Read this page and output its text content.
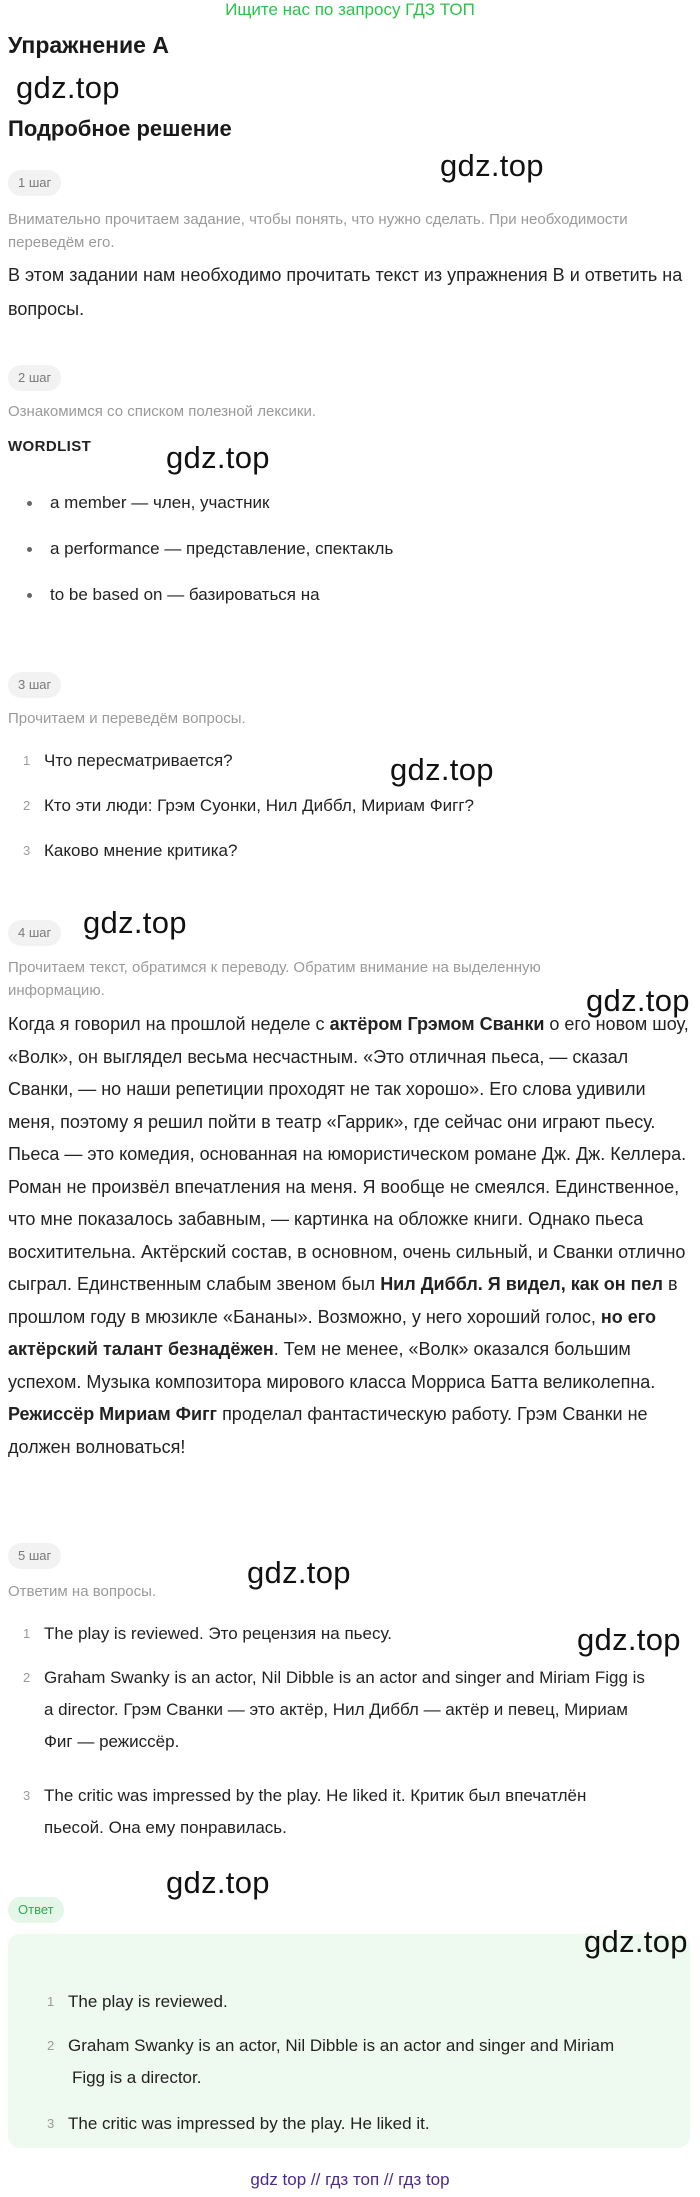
Ищите нас по запросу ГДЗ ТОП
Упражнение A
gdz.top
Подробное решение
gdz.top
1 шаг
Внимательно прочитаем задание, чтобы понять, что нужно сделать. При необходимости переведём его.
В этом задании нам необходимо прочитать текст из упражнения B и ответить на вопросы.
2 шаг
Ознакомимся со списком полезной лексики.
WORDLIST gdz.top
a member — член, участник
a performance — представление, спектакль
to be based on — базироваться на
3 шаг
Прочитаем и переведём вопросы.
1 Что пересматривается?	gdz.top
2 Кто эти люди: Грэм Суонки, Нил Диббл, Мириам Фигг?
3 Каково мнение критика?
gdz.top
4 шаг
Прочитаем текст, обратимся к переводу. Обратим внимание на выделенную информацию.	gdz.top
Когда я говорил на прошлой неделе с актёром Грэмом Сванки о его новом шоу, «Волк», он выглядел весьма несчастным. «Это отличная пьеса, — сказал Сванки, — но наши репетиции проходят не так хорошо». Его слова удивили меня, поэтому я решил пойти в театр «Гаррик», где сейчас они играют пьесу. Пьеса — это комедия, основанная на юмористическом романе Дж. Дж. Келлера. Роман не произвёл впечатления на меня. Я вообще не смеялся. Единственное, что мне показалось забавным, — картинка на обложке книги. Однако пьеса восхитительна. Актёрский состав, в основном, очень сильный, и Сванки отлично сыграл. Единственным слабым звеном был Нил Диббл. Я видел, как он пел в прошлом году в мюзикле «Бананы». Возможно, у него хороший голос, но его актёрский талант безнадёжен. Тем не менее, «Волк» оказался большим успехом. Музыка композитора мирового класса Морриса Батта великолепна. Режиссёр Мириам Фигг проделал фантастическую работу. Грэм Сванки не должен волноваться!
5 шаг	gdz.top
Ответим на вопросы.
1 The play is reviewed. Это рецензия на пьесу.	gdz.top
2 Graham Swanky is an actor, Nil Dibble is an actor and singer and Miriam Figg is
a director. Грэм Сванки — это актёр, Нил Диббл — актёр и певец, Мириам
Фиг — режиссёр.
3 The critic was impressed by the play. He liked it. Критик был впечатлён
пьесой. Она ему понравилась.
gdz.top
Ответ
gdz.top
1 The play is reviewed.
2 Graham Swanky is an actor, Nil Dibble is an actor and singer and Miriam
Figg is a director.
3 The critic was impressed by the play. He liked it.
gdz top // гдз топ // гдз top
